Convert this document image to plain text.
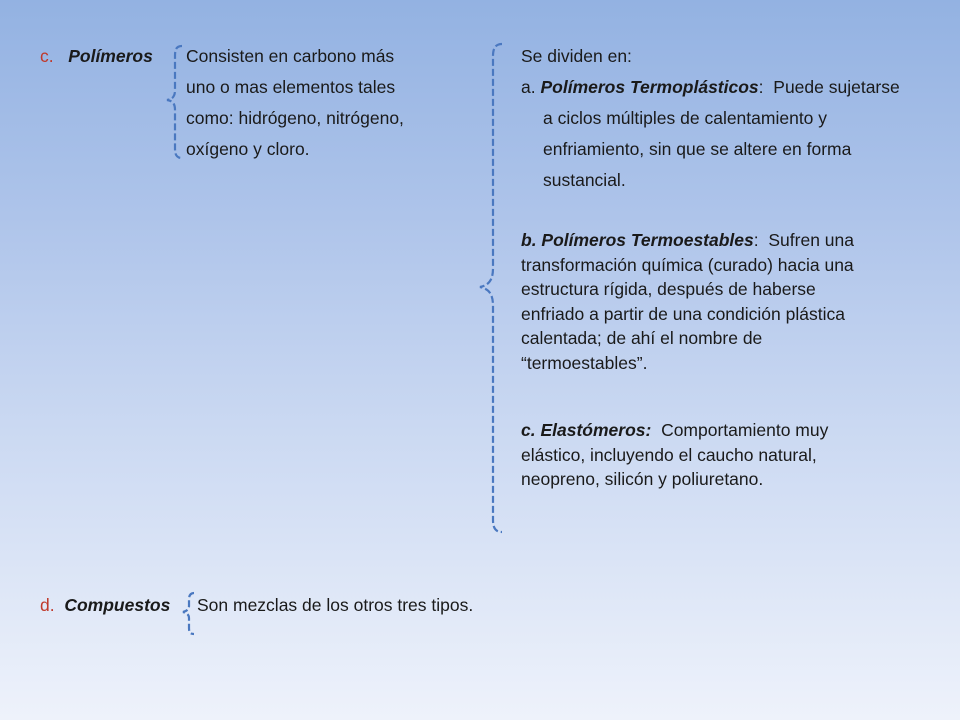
c. Polímeros Consisten en carbono más
uno o mas elementos tales
como: hidrógeno, nitrógeno,
oxígeno y cloro.
Se dividen en:
a. Polímeros Termoplásticos: Puede sujetarse
a ciclos múltiples de calentamiento y
enfriamiento, sin que se altere en forma
sustancial.
b. Polímeros Termoestables: Sufren una
transformación química (curado) hacia una
estructura rígida, después de haberse
enfriado a partir de una condición plástica
calentada; de ahí el nombre de
“termoestables”.
c. Elastómeros: Comportamiento muy
elástico, incluyendo el caucho natural,
neopreno, silicón y poliuretano.
d. Compuestos Son mezclas de los otros tres tipos.
